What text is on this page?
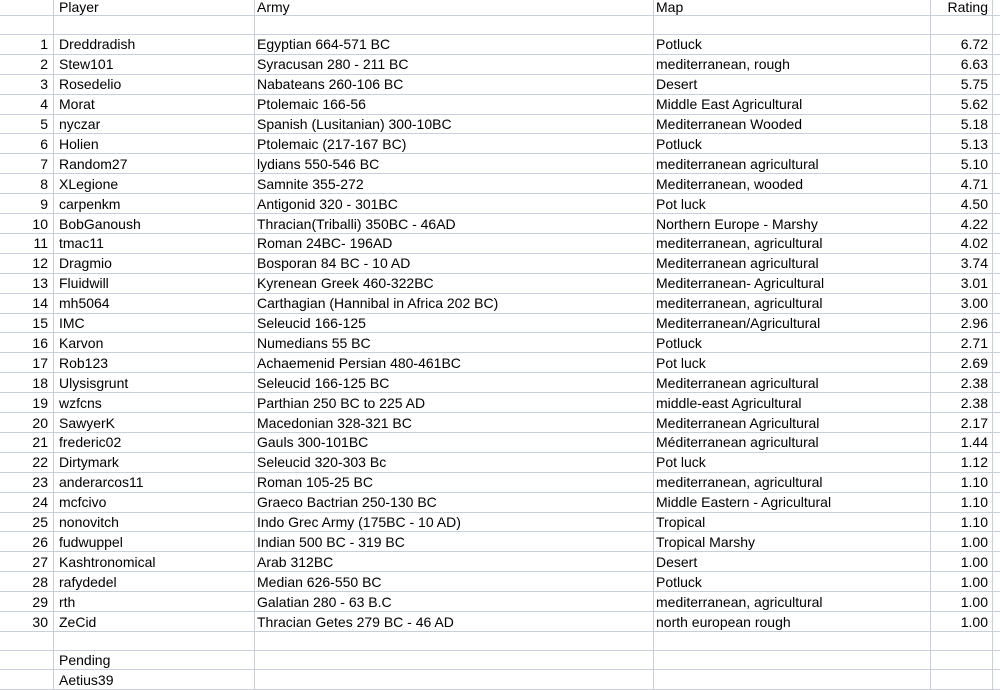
Player	Army	Map	Rating
1 Dreddradish	Egyptian 664-571 BC	Potluck	6.72
2 Stew101	Syracusan 280 - 211 BC	mediterranean, rough	6.63
3 Rosedelio	Nabateans 260-106 BC	Desert	5.75
4 Morat	Ptolemaic 166-56	Middle East Agricultural	5.62
5 nyczar	Spanish (Lusitanian) 300-10BC	Mediterranean Wooded	5.18
6 Holien	Ptolemaic (217-167 BC)	Potluck	5.13
7 Random27	lydians 550-546 BC	mediterranean agricultural	5.10
8 XLegione	Samnite 355-272	Mediterranean, wooded	4.71
9 carpenkm	Antigonid 320 - 301BC	Pot luck	4.50
10 BobGanoush	Thracian(Triballi) 350BC - 46AD	Northern Europe - Marshy	4.22
11 tmac11	Roman 24BC- 196AD	mediterranean, agricultural	4.02
12 Dragmio	Bosporan 84 BC - 10 AD	Mediterranean agricultural	3.74
13 Fluidwill	Kyrenean Greek 460-322BC	Mediterranean- Agricultural	3.01
14 mh5064	Carthagian (Hannibal in Africa 202 BC)	mediterranean, agricultural	3.00
15 IMC	Seleucid 166-125	Mediterranean/Agricultural	2.96
16 Karvon	Numedians 55 BC	Potluck	2.71
17 Rob123	Achaemenid Persian 480-461BC	Pot luck	2.69
18 Ulysisgrunt	Seleucid 166-125 BC	Mediterranean agricultural	2.38
19 wzfcns	Parthian 250 BC to 225 AD	middle-east Agricultural	2.38
20 SawyerK	Macedonian 328-321 BC	Mediterranean Agricultural	2.17
21 frederic02	Gauls 300-101BC	Méditerranean agricultural	1.44
22 Dirtymark	Seleucid 320-303 Bc	Pot luck	1.12
23 anderarcos11	Roman 105-25 BC	mediterranean, agricultural	1.10
24 mcfcivo	Graeco Bactrian 250-130 BC	Middle Eastern - Agricultural	1.10
25 nonovitch	Indo Grec Army (175BC - 10 AD)	Tropical	1.10
26 fudwuppel	Indian 500 BC - 319 BC	Tropical Marshy	1.00
27 Kashtronomical	Arab 312BC	Desert	1.00
28 rafydedel	Median 626-550 BC	Potluck	1.00
29 rth	Galatian 280 - 63 B.C	mediterranean, agricultural	1.00
30 ZeCid	Thracian Getes 279 BC - 46 AD	north european rough	1.00
Pending
Aetius39
